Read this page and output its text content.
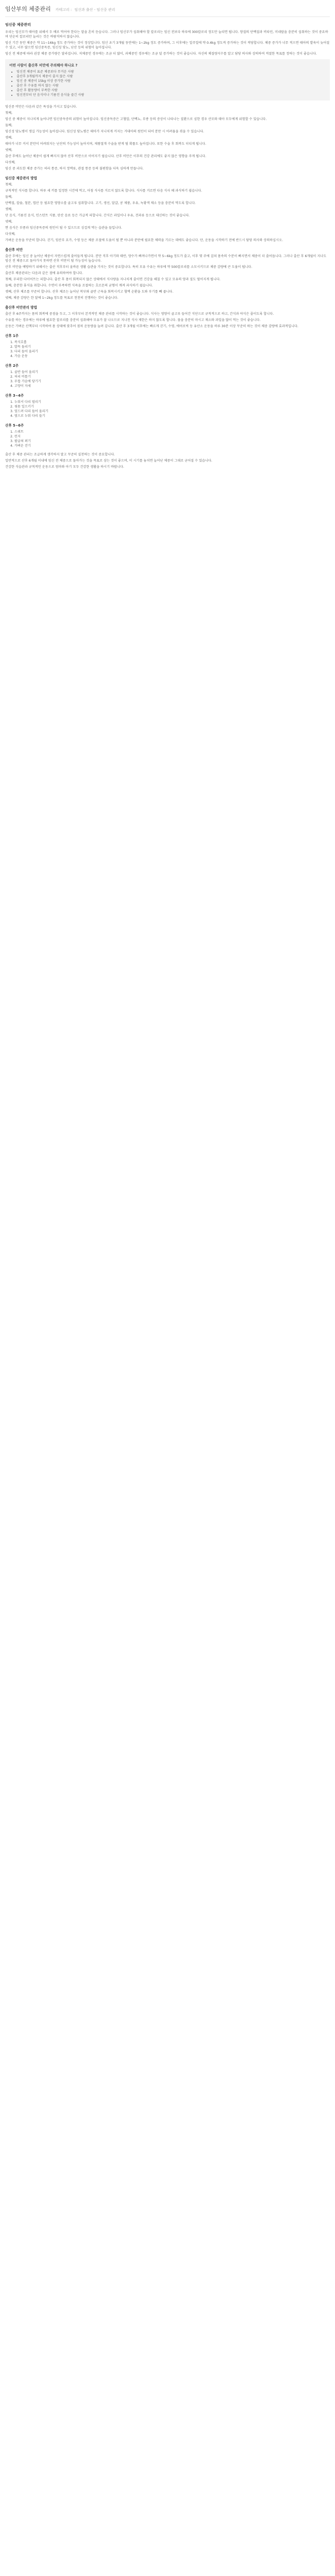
임산부의 체중관리 카테고리 : 임신과 출산 - 임신중 관리
임신중 체중관리

우리는 임신부가 태아를 위해서 두 배로 먹어야 한다는 말을 흔히 듣습니다. 그러나 임신부가 섭취해야 할 칼로리는 임신 전보다 하루에 300칼로리 정도만 늘리면 됩니다. 양질의 단백질과 비타민, 미네랄을 충분히 섭취하는 것이 중요하며 단순히 칼로리만 늘리는 것은 바람직하지 않습니다.

임신 기간 동안 체중은 약 11~16kg 정도 증가하는 것이 정상입니다. 임신 초기 3개월 동안에는 1~2kg 정도 증가하며, 그 이후에는 일주일에 약 0.4kg 정도씩 증가하는 것이 적당합니다. 체중 증가가 너무 적으면 태아의 발육이 늦어질 수 있고, 너무 많으면 임신중독증, 임신성 당뇨, 난산 등의 위험이 높아집니다.

임신 전 체중에 따라 권장 체중 증가량은 달라집니다. 저체중인 경우에는 조금 더 많이, 과체중인 경우에는 조금 덜 증가하는 것이 좋습니다. 자신의 체질량지수를 알고 담당 의사와 상의하여 적절한 목표를 정하는 것이 좋습니다.

어떤 사람이 출산후 비만에 주의해야 하나요 ?
• 임신전 체중이 표준 체중보다 무거운 사람
• 출산후 3개월까지 체중이 줄지 않은 사람
• 임신 중 체중이 15kg 이상 증가한 사람
• 출산 후 수유를 하지 않는 사람
• 출산 후 활동량이 부족한 사람
• 임신전부터 단 음식이나 기름진 음식을 즐긴 사람

임신중 비만은 다음과 같은 특성을 가지고 있습니다.

첫째,

임신 중 체중이 지나치게 늘어나면 임신중독증의 위험이 높아집니다. 임신중독증은 고혈압, 단백뇨, 부종 등의 증상이 나타나는 질환으로 심한 경우 산모와 태아 모두에게 위험할 수 있습니다.

둘째,

임신성 당뇨병이 생길 가능성이 높아집니다. 임신성 당뇨병은 태아가 지나치게 커지는 거대아의 원인이 되어 분만 시 어려움을 겪을 수 있습니다.

셋째,

태아가 너무 커서 분만이 어려워지는 난산의 가능성이 높아지며, 제왕절개 수술을 받게 될 확률도 높아집니다. 또한 수술 후 회복도 더디게 됩니다.

넷째,

출산 후에도 늘어난 체중이 쉽게 빠지지 않아 산후 비만으로 이어지기 쉽습니다. 산후 비만은 이후의 건강 관리에도 좋지 않은 영향을 주게 됩니다.

다섯째,

임신 중 과도한 체중 증가는 허리 통증, 하지 정맥류, 관절 통증 등의 불편함을 더욱 심하게 만듭니다.

임신중 체중관리 방법

첫째,

규칙적인 식사를 합니다. 하루 세 끼를 일정한 시간에 먹고, 아침 식사를 거르지 않도록 합니다. 식사를 거르면 다음 식사 때 과식하기 쉽습니다.

둘째,

단백질, 칼슘, 철분, 엽산 등 필요한 영양소를 골고루 섭취합니다. 고기, 생선, 달걀, 콩 제품, 우유, 녹황색 채소 등을 충분히 먹도록 합니다.

셋째,

단 음식, 기름진 음식, 인스턴트 식품, 탄산 음료 등은 가급적 피합니다. 간식은 과일이나 우유, 견과류 등으로 대신하는 것이 좋습니다.

넷째,

짠 음식은 부종과 임신중독증의 원인이 될 수 있으므로 싱겁게 먹는 습관을 들입니다.

다섯째,

가벼운 운동을 꾸준히 합니다. 걷기, 임산부 요가, 수영 등은 체중 조절에 도움이 될 뿐 아니라 분만에 필요한 체력을 기르는 데에도 좋습니다. 단, 운동을 시작하기 전에 반드시 담당 의사와 상의하십시오.

출산후 비만

출산 후에는 임신 중 늘어난 체중이 자연스럽게 줄어들게 됩니다. 분만 직후 아기와 태반, 양수가 빠져나가면서 약 5~6kg 정도가 줄고, 이후 몇 주에 걸쳐 몸속의 수분이 빠지면서 체중이 더 줄어듭니다. 그러나 출산 후 6개월이 지나도 임신 전 체중으로 돌아가지 못하면 산후 비만이 될 가능성이 높습니다.

산후 비만을 예방하기 위해서는 출산 직후부터 올바른 생활 습관을 가지는 것이 중요합니다. 특히 모유 수유는 하루에 약 500칼로리를 소모시키므로 체중 감량에 큰 도움이 됩니다.

출산후 체중관리는 다음과 같은 점에 유의하여야 합니다.

첫째, 무리한 다이어트는 피합니다. 출산 후 몸이 회복되지 않은 상태에서 식사량을 지나치게 줄이면 건강을 해칠 수 있고 모유의 양과 질도 떨어지게 됩니다.

둘째, 충분한 휴식을 취합니다. 수면이 부족하면 식욕을 조절하는 호르몬의 균형이 깨져 과식하기 쉽습니다.

셋째, 산후 체조를 꾸준히 합니다. 산후 체조는 늘어난 복부와 골반 근육을 회복시키고 혈액 순환을 도와 부기를 빼 줍니다.

넷째, 체중 감량은 한 달에 1~2kg 정도를 목표로 천천히 진행하는 것이 좋습니다.

출산후 비만관리 방법

출산 후 6주까지는 몸의 회복에 중점을 두고, 그 이후부터 본격적인 체중 관리를 시작하는 것이 좋습니다. 식사는 영양이 골고루 들어간 식단으로 규칙적으로 하고, 간식과 야식은 줄이도록 합니다.

수유를 하는 경우에는 하루에 필요한 칼로리를 충분히 섭취해야 모유가 잘 나오므로 지나친 식사 제한은 하지 않도록 합니다. 물을 충분히 마시고 채소와 과일을 많이 먹는 것이 좋습니다.

운동은 가벼운 산책부터 시작하여 몸 상태에 맞추어 점차 운동량을 늘려 갑니다. 출산 후 3개월 이후에는 빠르게 걷기, 수영, 에어로빅 등 유산소 운동을 하루 30분 이상 꾸준히 하는 것이 체중 감량에 효과적입니다.

산후 1주
1. 복식호흡
2. 발목 돌리기
3. 다리 들어 올리기
4. 가슴 운동
산후 2주
1. 골반 들어 올리기
2. 허리 비틀기
3. 무릎 가슴에 당기기
4. 고양이 자세
산후 3~4주
1. 누워서 다리 벌리기
2. 윗몸 일으키기
3. 엎드려 다리 들어 올리기
4. 옆으로 누워 다리 들기
산후 5~6주
1. 스쿼트
2. 런지
3. 팔굽혀 펴기
4. 가벼운 걷기

출산 후 체중 관리는 조급하게 생각하지 말고 꾸준히 실천하는 것이 중요합니다.

일반적으로 산후 6개월 이내에 임신 전 체중으로 돌아가는 것을 목표로 삼는 것이 좋으며, 이 시기를 놓치면 늘어난 체중이 그대로 굳어질 수 있습니다.

건강한 식습관과 규칙적인 운동으로 엄마와 아기 모두 건강한 생활을 하시기 바랍니다.
